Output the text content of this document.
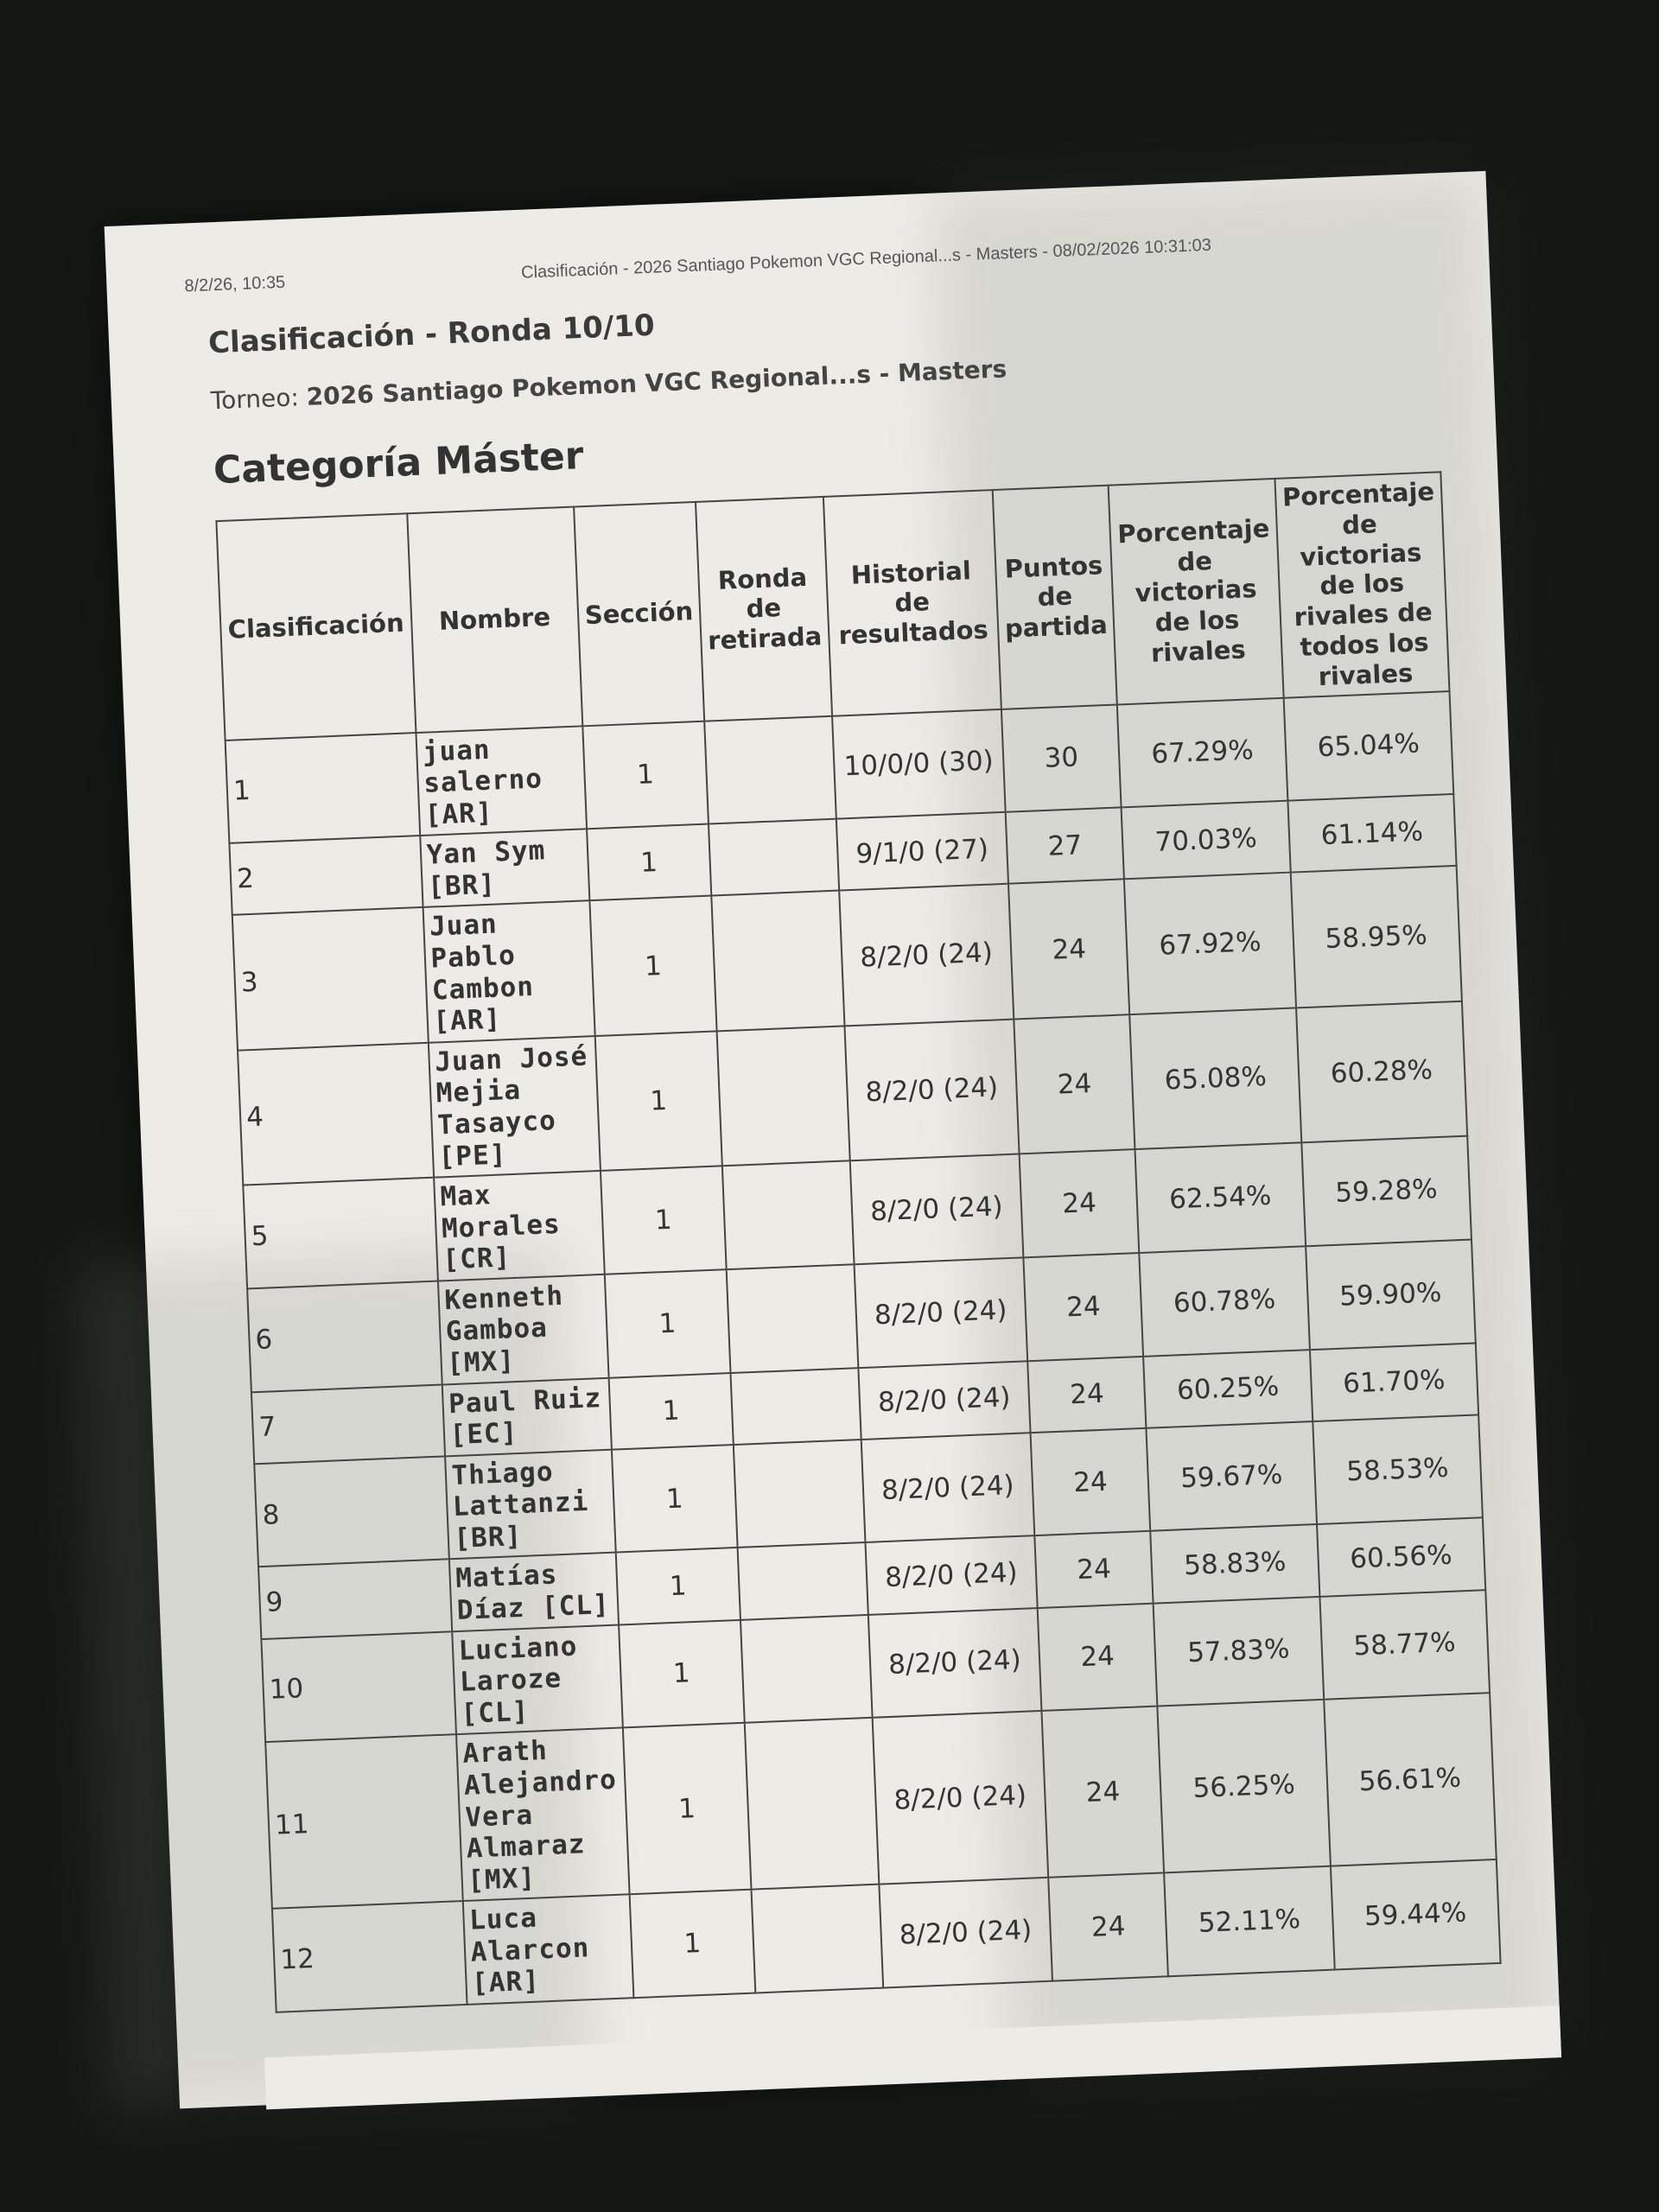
8/2/26, 10:35
Clasificación - 2026 Santiago Pokemon VGC Regional...s - Masters - 08/02/2026 10:31:03
Clasificación - Ronda 10/10
Torneo: 2026 Santiago Pokemon VGC Regional...s - Masters
Categoría Máster
Clasificación	Nombre	Sección	Ronda de retirada	Historial de resultados	Puntos de partida	Porcentaje de victorias de los rivales	Porcentaje de victorias de los rivales de todos los rivales
1	juan salerno [AR]	1		10/0/0 (30)	30	67.29%	65.04%
2	Yan Sym [BR]	1		9/1/0 (27)	27	70.03%	61.14%
3	Juan Pablo Cambon [AR]	1		8/2/0 (24)	24	67.92%	58.95%
4	Juan José Mejia Tasayco [PE]	1		8/2/0 (24)	24	65.08%	60.28%
5	Max Morales [CR]	1		8/2/0 (24)	24	62.54%	59.28%
6	Kenneth Gamboa [MX]	1		8/2/0 (24)	24	60.78%	59.90%
7	Paul Ruiz [EC]	1		8/2/0 (24)	24	60.25%	61.70%
8	Thiago Lattanzi [BR]	1		8/2/0 (24)	24	59.67%	58.53%
9	Matías Díaz [CL]	1		8/2/0 (24)	24	58.83%	60.56%
10	Luciano Laroze [CL]	1		8/2/0 (24)	24	57.83%	58.77%
11	Arath Alejandro Vera Almaraz [MX]	1		8/2/0 (24)	24	56.25%	56.61%
12	Luca Alarcon [AR]	1		8/2/0 (24)	24	52.11%	59.44%
